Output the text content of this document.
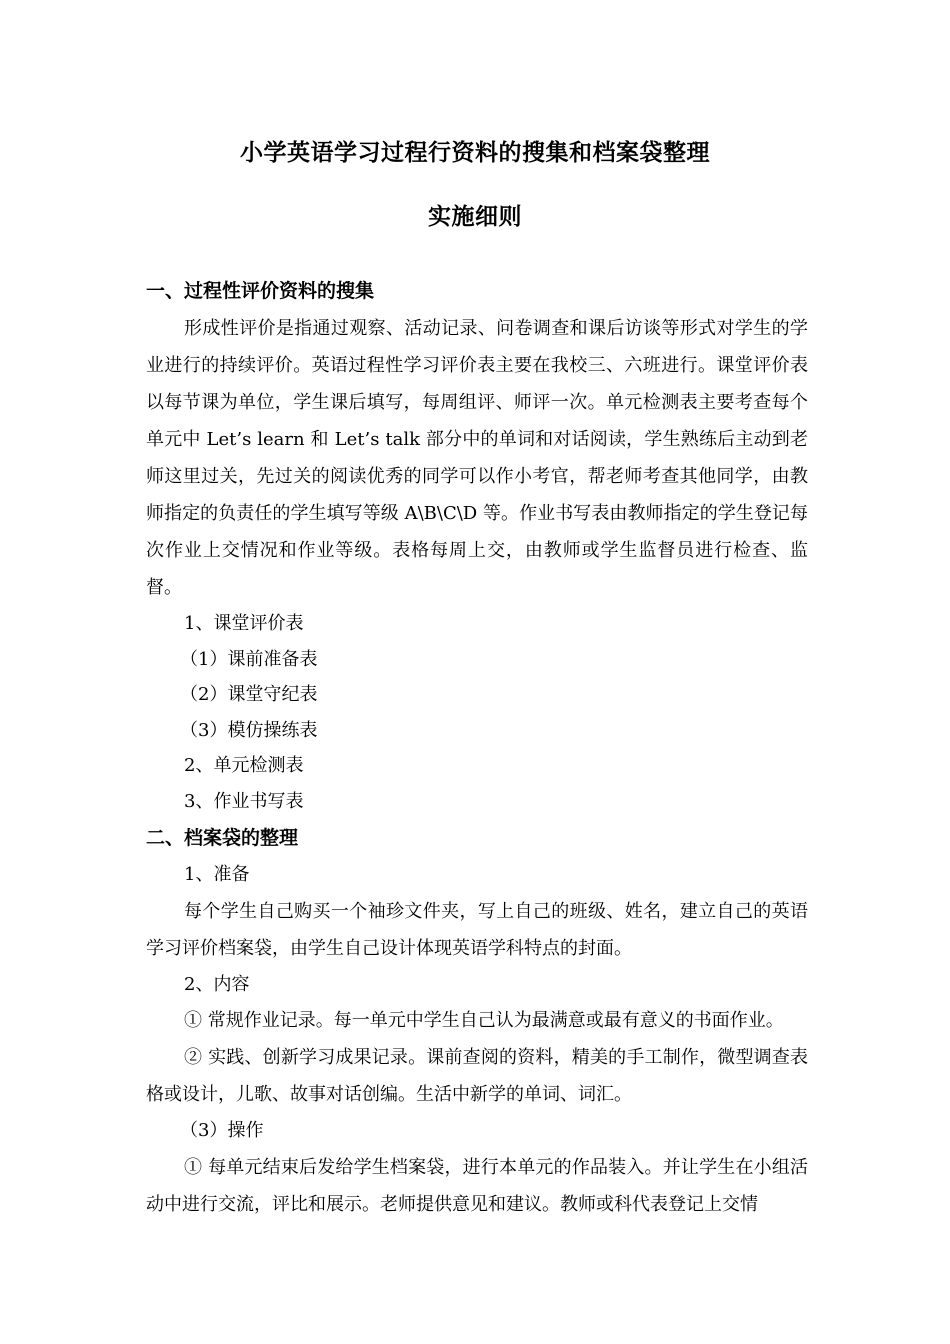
小学英语学习过程行资料的搜集和档案袋整理
实施细则

一、过程性评价资料的搜集

形成性评价是指通过观察、活动记录、问卷调查和课后访谈等形式对学生的学业进行的持续评价。英语过程性学习评价表主要在我校三、六班进行。课堂评价表以每节课为单位，学生课后填写，每周组评、师评一次。单元检测表主要考查每个单元中 Let’s learn 和 Let’s talk 部分中的单词和对话阅读，学生熟练后主动到老师这里过关，先过关的阅读优秀的同学可以作小考官，帮老师考查其他同学，由教师指定的负责任的学生填写等级 A\B\C\D 等。作业书写表由教师指定的学生登记每次作业上交情况和作业等级。表格每周上交，由教师或学生监督员进行检查、监督。

1、课堂评价表

（1）课前准备表

（2）课堂守纪表

（3）模仿操练表

2、单元检测表

3、作业书写表

二、档案袋的整理

1、准备

每个学生自己购买一个袖珍文件夹，写上自己的班级、姓名，建立自己的英语学习评价档案袋，由学生自己设计体现英语学科特点的封面。

2、内容

① 常规作业记录。每一单元中学生自己认为最满意或最有意义的书面作业。

② 实践、创新学习成果记录。课前查阅的资料，精美的手工制作，微型调查表格或设计，儿歌、故事对话创编。生活中新学的单词、词汇。

（3）操作

① 每单元结束后发给学生档案袋，进行本单元的作品装入。并让学生在小组活动中进行交流，评比和展示。老师提供意见和建议。教师或科代表登记上交情
